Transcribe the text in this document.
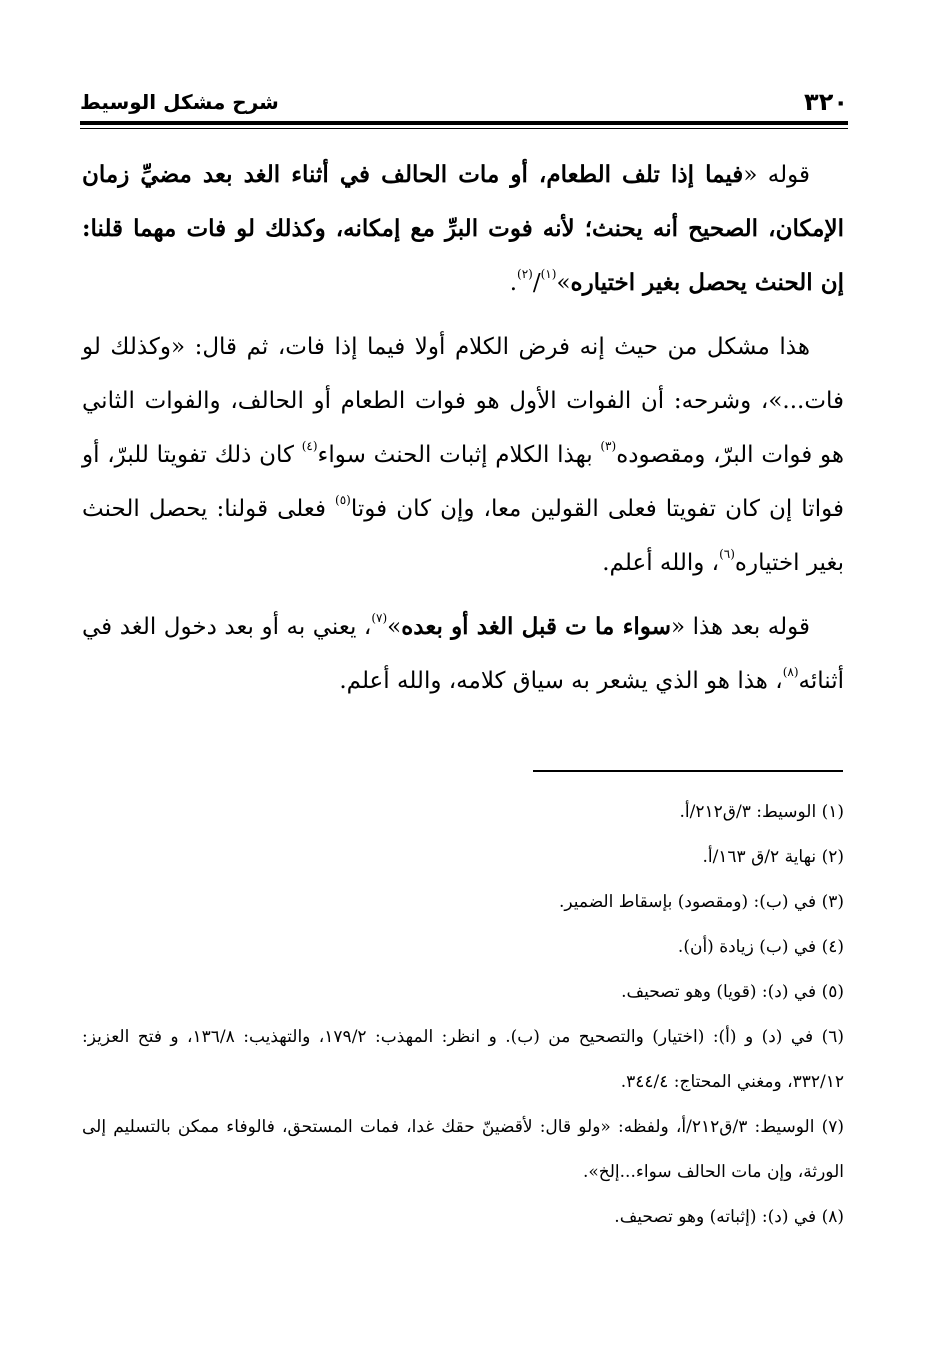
٣٢٠
شرح مشكل الوسيط

قوله «فيما إذا تلف الطعام، أو مات الحالف في أثناء الغد بعد مضيِّ زمان الإمكان، الصحيح أنه يحنث؛ لأنه فوت البرِّ مع إمكانه، وكذلك لو فات مهما قلنا: إن الحنث يحصل بغير اختياره»$^{(١)}$/$^{(٢)}$.

هذا مشكل من حيث إنه فرض الكلام أولا فيما إذا فات، ثم قال: «وكذلك لو فات...»، وشرحه: أن الفوات الأول هو فوات الطعام أو الحالف، والفوات الثاني هو فوات البرّ، ومقصوده$^{(٣)}$ بهذا الكلام إثبات الحنث سواء$^{(٤)}$ كان ذلك تفويتا للبرّ، أو فواتا إن كان تفويتا فعلى القولين معا، وإن كان فوتا$^{(٥)}$ فعلى قولنا: يحصل الحنث بغير اختياره$^{(٦)}$، والله أعلم.

قوله بعد هذا «سواء ما ت قبل الغد أو بعده»$^{(٧)}$، يعني به أو بعد دخول الغد في أثنائه$^{(٨)}$، هذا هو الذي يشعر به سياق كلامه، والله أعلم.

(١) الوسيط: ٣/ق٢١٢/أ.

(٢) نهاية ٢/ق ١٦٣/أ.

(٣) في (ب): (ومقصود) بإسقاط الضمير.

(٤) في (ب) زيادة (أن).

(٥) في (د): (قويا) وهو تصحيف.

(٦) في (د) و (أ): (اختيار) والتصحيح من (ب). و انظر: المهذب: ١٧٩/٢، والتهذيب: ١٣٦/٨، و فتح العزيز: ٣٣٢/١٢، ومغني المحتاج: ٣٤٤/٤.

(٧) الوسيط: ٣/ق٢١٢/أ، ولفظه: «ولو قال: لأقضينّ حقك غدا، فمات المستحق، فالوفاء ممكن بالتسليم إلى الورثة، وإن مات الحالف سواء...إلخ».

(٨) في (د): (إثباته) وهو تصحيف.
